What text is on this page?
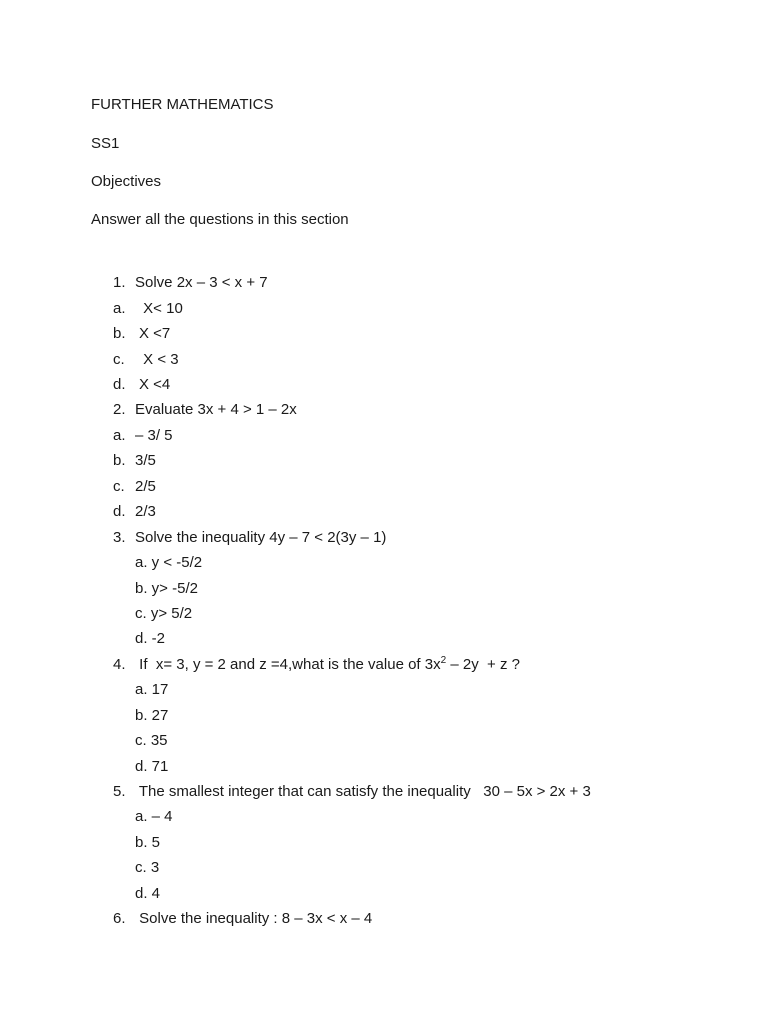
FURTHER MATHEMATICS
SS1
Objectives
Answer all the questions in this section
1. Solve 2x – 3 < x + 7
a. X< 10
b. X <7
c. X < 3
d. X <4
2. Evaluate 3x + 4 > 1 – 2x
a. – 3/ 5
b. 3/5
c. 2/5
d. 2/3
3. Solve the inequality 4y – 7 < 2(3y – 1)
a. y < -5/2
b. y> -5/2
c. y> 5/2
d. -2
4. If  x= 3, y = 2 and z =4,what is the value of $3x^2 - 2y + z$ ?
a. 17
b. 27
c. 35
d. 71
5. The smallest integer that can satisfy the inequality   30 – 5x > 2x + 3
a. – 4
b. 5
c. 3
d. 4
6. Solve the inequality : 8 – 3x < x – 4
